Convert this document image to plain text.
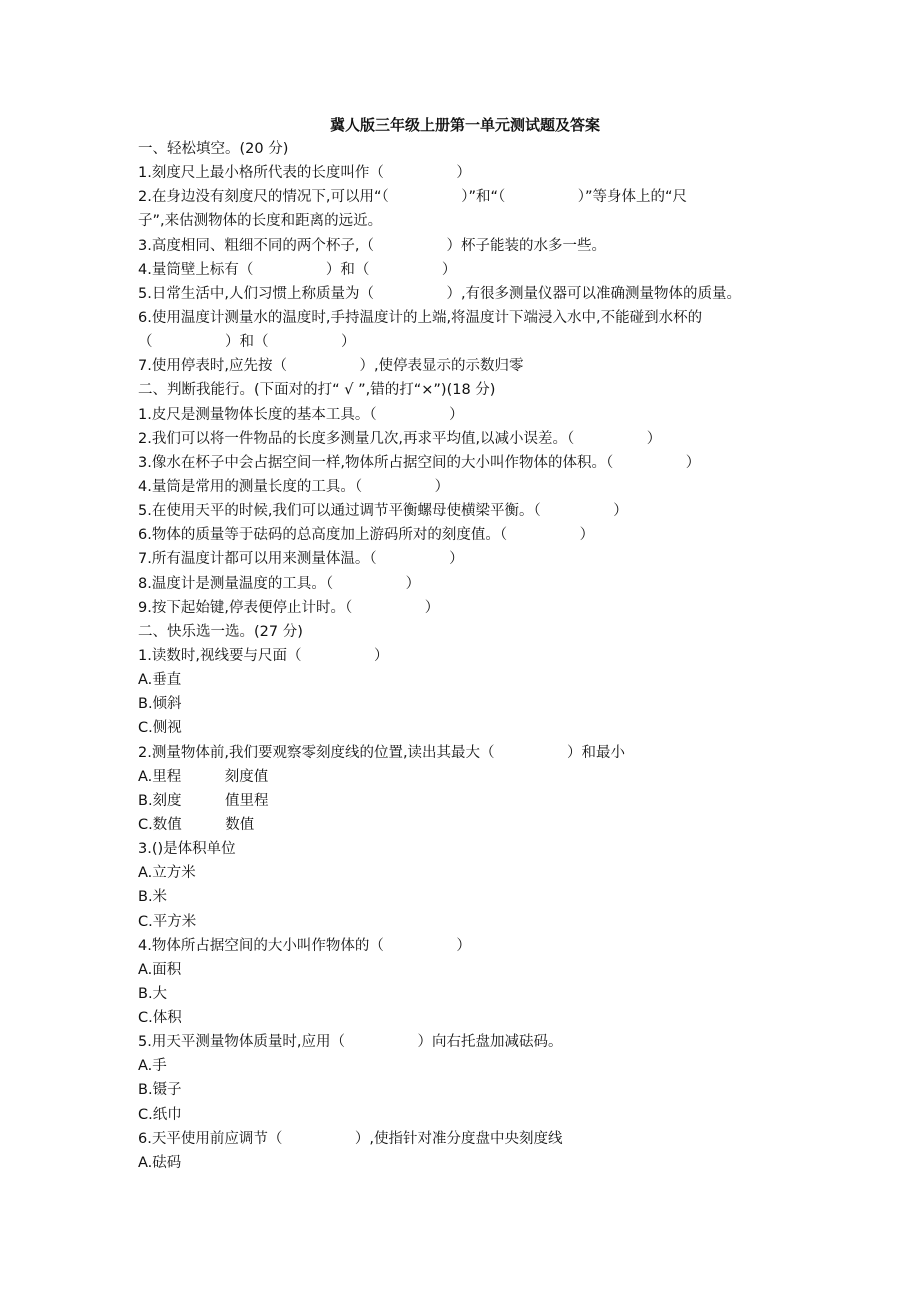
冀人版三年级上册第一单元测试题及答案
一、轻松填空。(20 分)
1.刻度尺上最小格所代表的长度叫作（　　　　　）
2.在身边没有刻度尺的情况下,可以用“（　　　　　）”和“（　　　　　）”等身体上的“尺
子”,来估测物体的长度和距离的远近。
3.高度相同、粗细不同的两个杯子,（　　　　　）杯子能装的水多一些。
4.量筒壁上标有（　　　　　）和（　　　　　）
5.日常生活中,人们习惯上称质量为（　　　　　）,有很多测量仪器可以准确测量物体的质量。
6.使用温度计测量水的温度时,手持温度计的上端,将温度计下端浸入水中,不能碰到水杯的
（　　　　　）和（　　　　　）
7.使用停表时,应先按（　　　　　）,使停表显示的示数归零
二、判断我能行。(下面对的打“ √ ”,错的打“×”)(18 分)
1.皮尺是测量物体长度的基本工具。（　　　　　）
2.我们可以将一件物品的长度多测量几次,再求平均值,以减小误差。（　　　　　）
3.像水在杯子中会占据空间一样,物体所占据空间的大小叫作物体的体积。（　　　　　）
4.量筒是常用的测量长度的工具。（　　　　　）
5.在使用天平的时候,我们可以通过调节平衡螺母使横梁平衡。（　　　　　）
6.物体的质量等于砝码的总高度加上游码所对的刻度值。（　　　　　）
7.所有温度计都可以用来测量体温。（　　　　　）
8.温度计是测量温度的工具。（　　　　　）
9.按下起始键,停表便停止计时。（　　　　　）
二、快乐选一选。(27 分)
1.读数时,视线要与尺面（　　　　　）
A.垂直
B.倾斜
C.侧视
2.测量物体前,我们要观察零刻度线的位置,读出其最大（　　　　　）和最小
A.里程　　　刻度值
B.刻度　　　值里程
C.数值　　　数值
3.()是体积单位
A.立方米
B.米
C.平方米
4.物体所占据空间的大小叫作物体的（　　　　　）
A.面积
B.大
C.体积
5.用天平测量物体质量时,应用（　　　　　）向右托盘加减砝码。
A.手
B.镊子
C.纸巾
6.天平使用前应调节（　　　　　）,使指针对准分度盘中央刻度线
A.砝码
